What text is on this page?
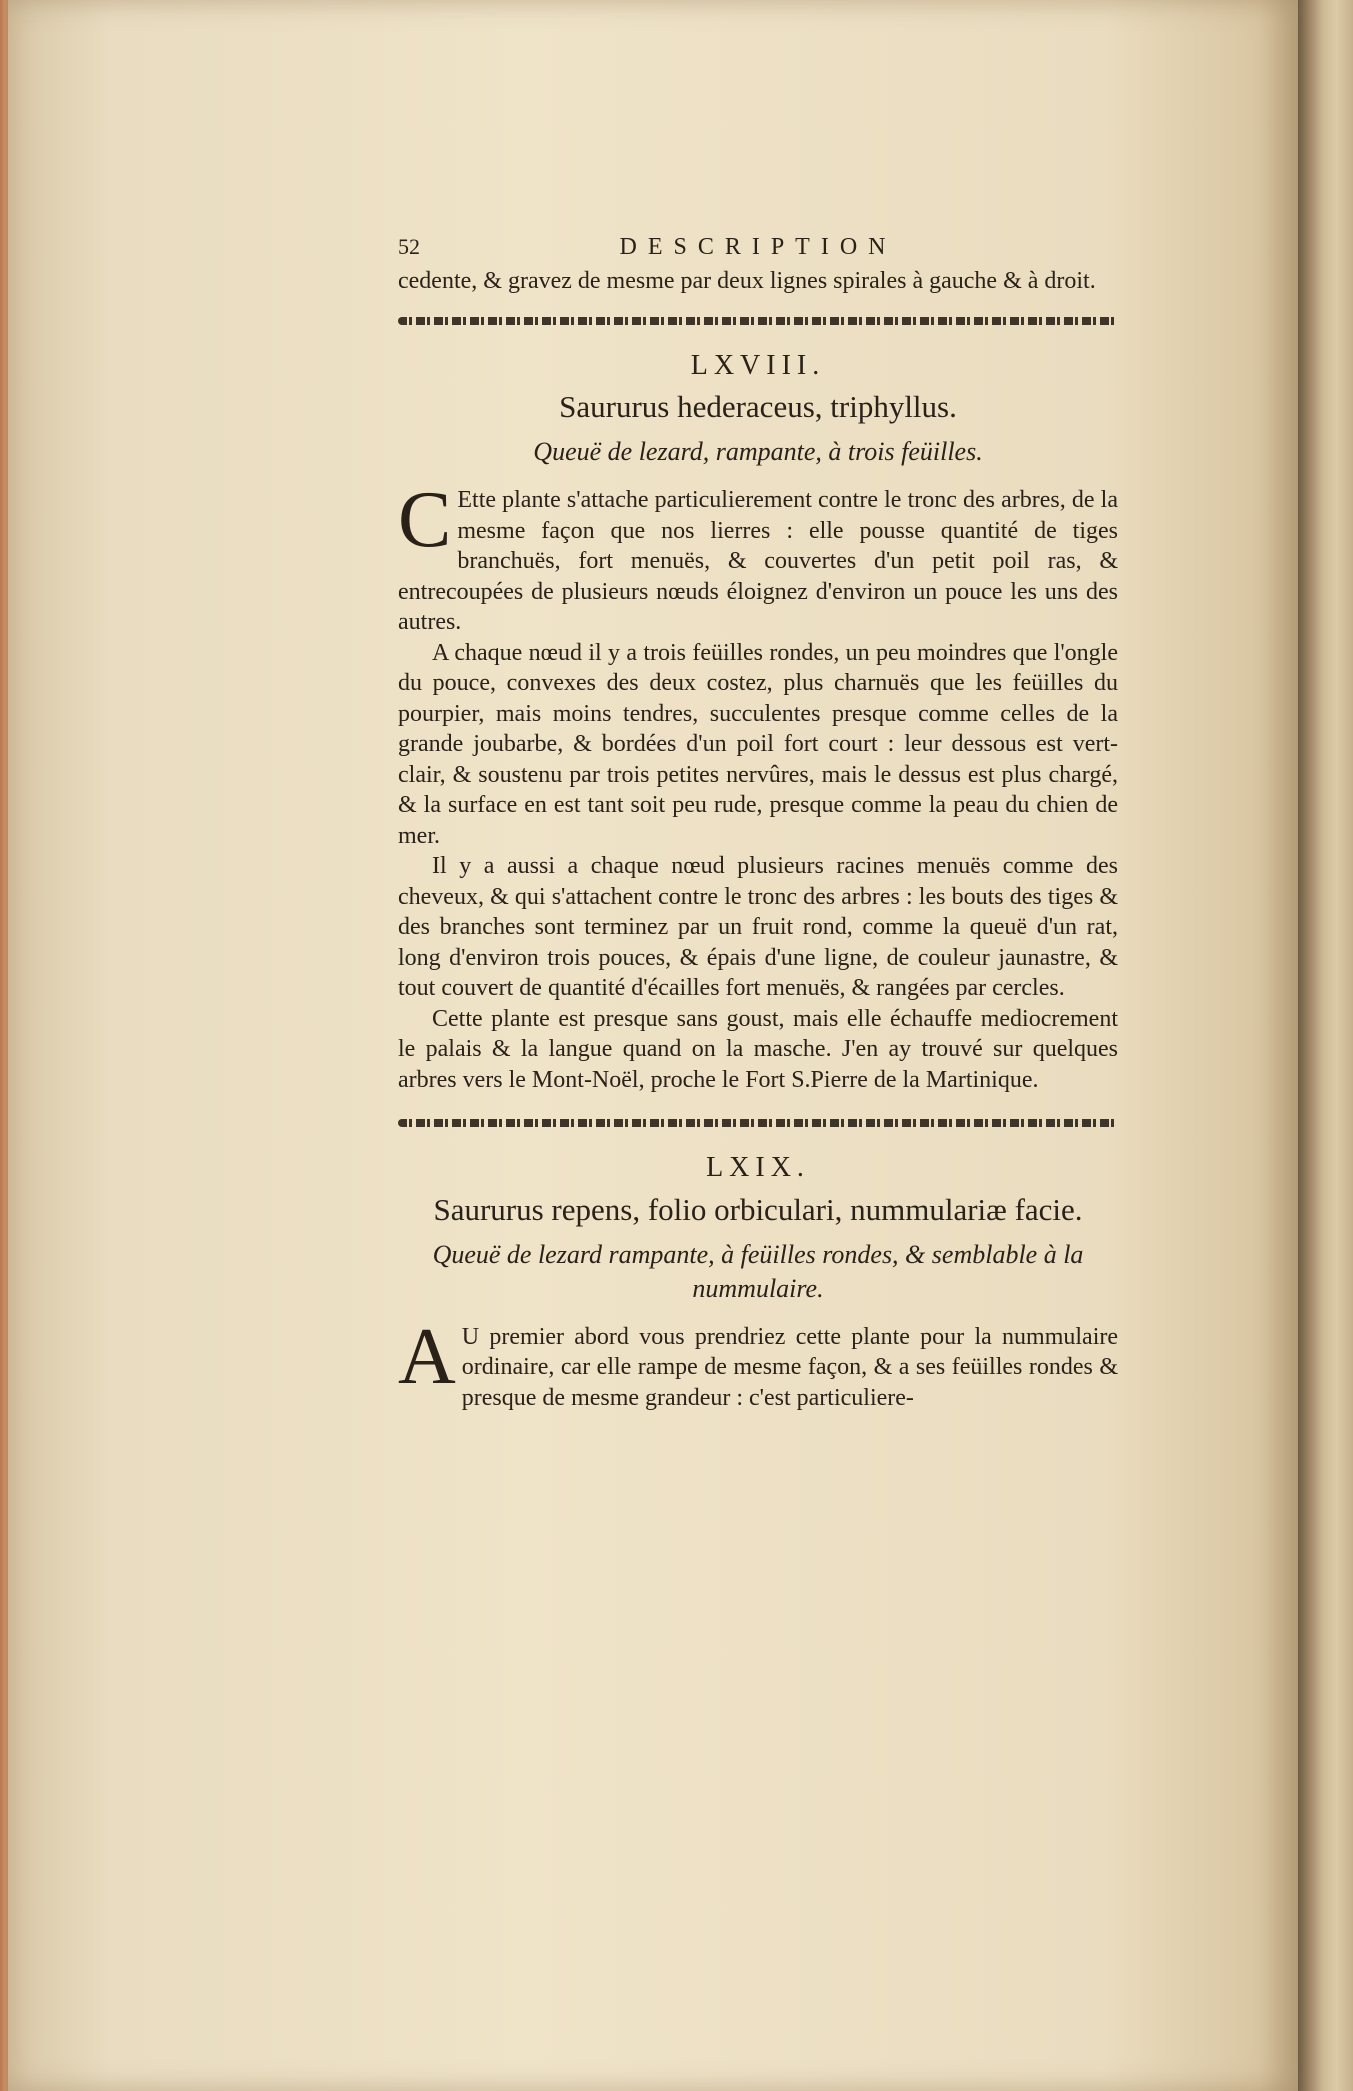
52	DESCRIPTION

cedente, & gravez de mesme par deux lignes spirales à gauche & à droit.

LXVIII.
Saururus hederaceus, triphyllus.
Queuë de lezard, rampante, à trois feüilles.
C Ette plante s'attache particulierement contre le tronc des arbres, de la mesme façon que nos lierres : elle pousse quantité de tiges branchuës, fort menuës, & couvertes d'un petit poil ras, & entrecoupées de plusieurs nœuds éloignez d'environ un pouce les uns des autres.

A chaque nœud il y a trois feüilles rondes, un peu moindres que l'ongle du pouce, convexes des deux costez, plus charnuës que les feüilles du pourpier, mais moins tendres, succulentes presque comme celles de la grande joubarbe, & bordées d'un poil fort court : leur dessous est vert-clair, & soustenu par trois petites nervûres, mais le dessus est plus chargé, & la surface en est tant soit peu rude, presque comme la peau du chien de mer.

Il y a aussi a chaque nœud plusieurs racines menuës comme des cheveux, & qui s'attachent contre le tronc des arbres : les bouts des tiges & des branches sont terminez par un fruit rond, comme la queuë d'un rat, long d'environ trois pouces, & épais d'une ligne, de couleur jaunastre, & tout couvert de quantité d'écailles fort menuës, & rangées par cercles.

Cette plante est presque sans goust, mais elle échauffe mediocrement le palais & la langue quand on la masche. J'en ay trouvé sur quelques arbres vers le Mont-Noël, proche le Fort S.Pierre de la Martinique.

LXIX.
Saururus repens, folio orbiculari, nummulariæ facie.
Queuë de lezard rampante, à feüilles rondes, & semblable à la nummulaire.
A U premier abord vous prendriez cette plante pour la nummulaire ordinaire, car elle rampe de mesme façon, & a ses feüilles rondes & presque de mesme grandeur : c'est particuliere-
